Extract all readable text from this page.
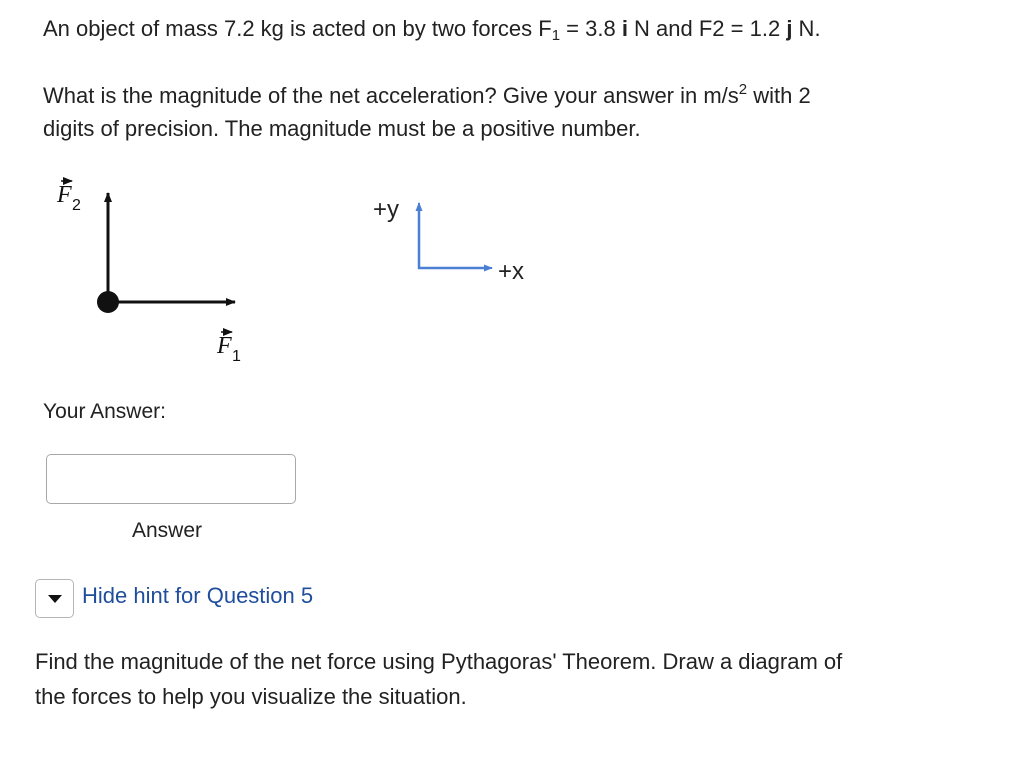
An object of mass 7.2 kg is acted on by two forces $F_1 = 3.8$ i N and F2 = 1.2 j N.
What is the magnitude of the net acceleration? Give your answer in $m/s^2$ with 2
digits of precision. The magnitude must be a positive number.
F 2
F 1
+y
+x
Your Answer:
Answer
Hide hint for Question 5
Find the magnitude of the net force using Pythagoras' Theorem. Draw a diagram of
the forces to help you visualize the situation.
